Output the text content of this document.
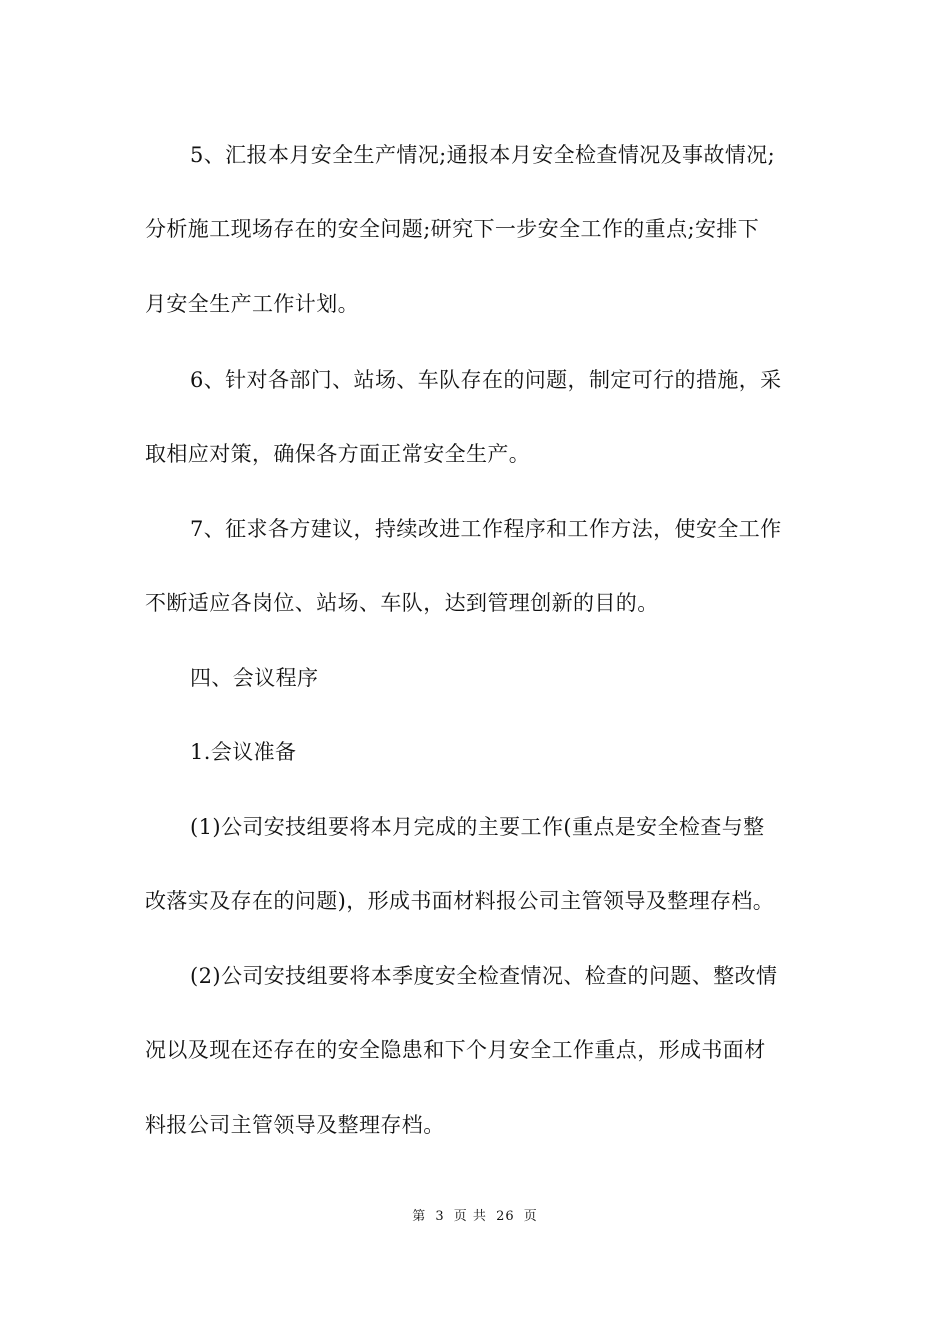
5、汇报本月安全生产情况;通报本月安全检查情况及事故情况;
分析施工现场存在的安全问题;研究下一步安全工作的重点;安排下
月安全生产工作计划。
6、针对各部门、站场、车队存在的问题，制定可行的措施，采
取相应对策，确保各方面正常安全生产。
7、征求各方建议，持续改进工作程序和工作方法，使安全工作
不断适应各岗位、站场、车队，达到管理创新的目的。
四、会议程序
1.会议准备
(1)公司安技组要将本月完成的主要工作(重点是安全检查与整
改落实及存在的问题)，形成书面材料报公司主管领导及整理存档。
(2)公司安技组要将本季度安全检查情况、检查的问题、整改情
况以及现在还存在的安全隐患和下个月安全工作重点，形成书面材
料报公司主管领导及整理存档。
第 3 页 共 26 页
